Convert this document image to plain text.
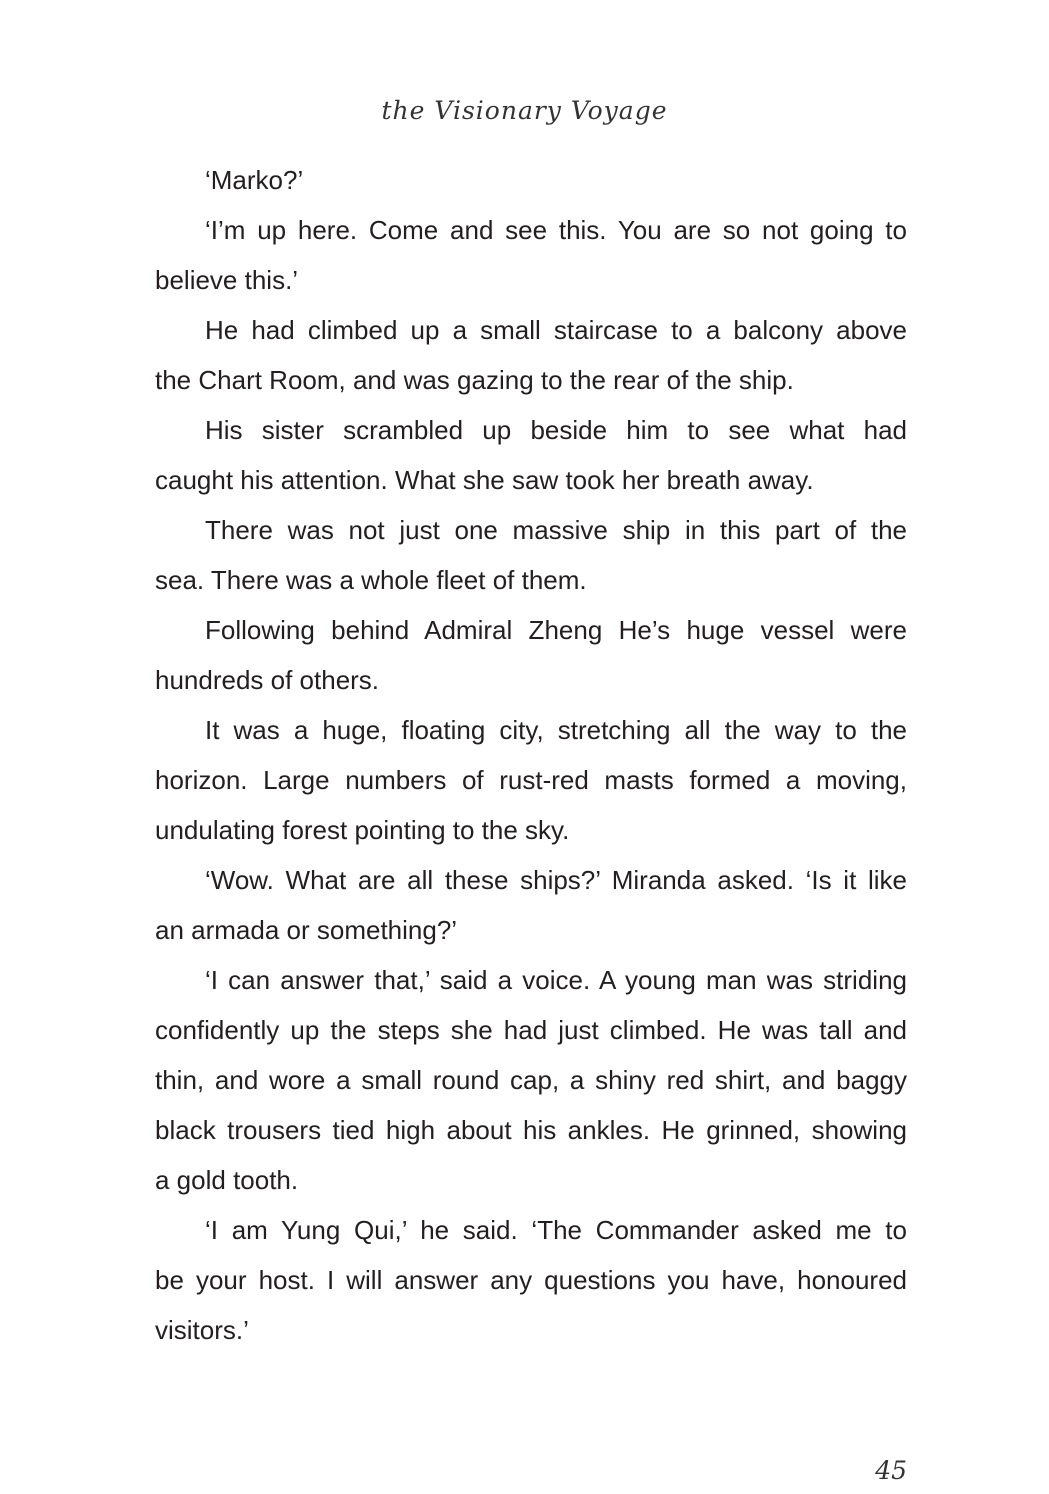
the Visionary Voyage
‘Marko?’
‘I’m up here. Come and see this. You are so not going to
believe this.’
He had climbed up a small staircase to a balcony above
the Chart Room, and was gazing to the rear of the ship.
His sister scrambled up beside him to see what had
caught his attention. What she saw took her breath away.
There was not just one massive ship in this part of the
sea. There was a whole fleet of them.
Following behind Admiral Zheng He’s huge vessel were
hundreds of others.
It was a huge, floating city, stretching all the way to the
horizon. Large numbers of rust-red masts formed a moving,
undulating forest pointing to the sky.
‘Wow. What are all these ships?’ Miranda asked. ‘Is it like
an armada or something?’
‘I can answer that,’ said a voice. A young man was striding
confidently up the steps she had just climbed. He was tall and
thin, and wore a small round cap, a shiny red shirt, and baggy
black trousers tied high about his ankles. He grinned, showing
a gold tooth.
‘I am Yung Qui,’ he said. ‘The Commander asked me to
be your host. I will answer any questions you have, honoured
visitors.’
45
